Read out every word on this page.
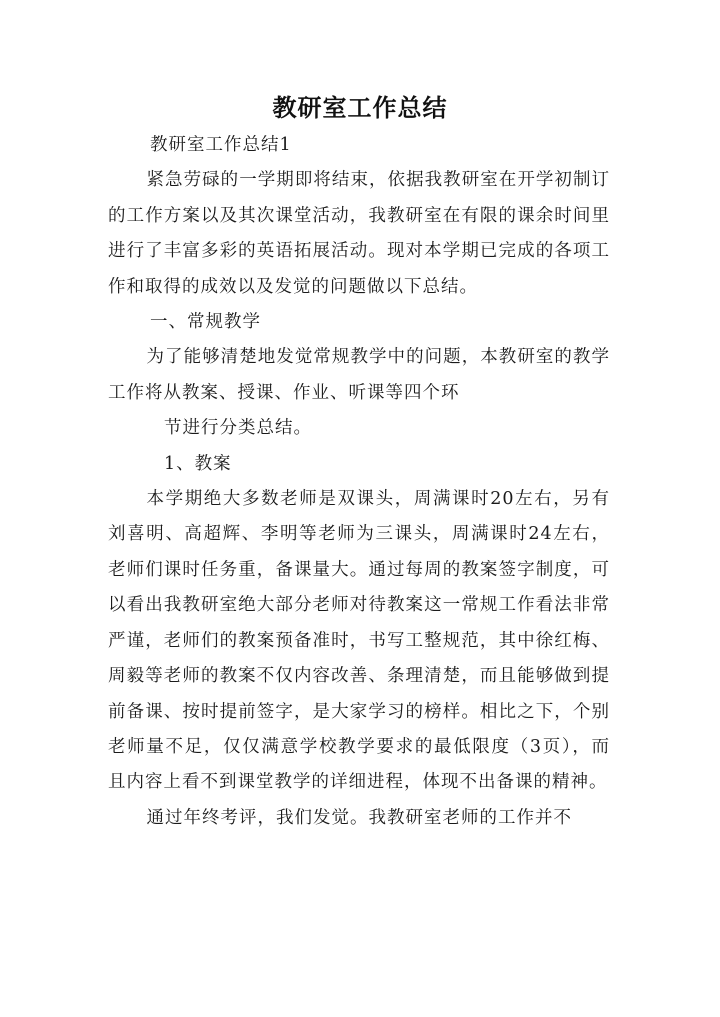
教研室工作总结

教研室工作总结1

紧急劳碌的一学期即将结束，依据我教研室在开学初制订的工作方案以及其次课堂活动，我教研室在有限的课余时间里进行了丰富多彩的英语拓展活动。现对本学期已完成的各项工作和取得的成效以及发觉的问题做以下总结。

一、常规教学

为了能够清楚地发觉常规教学中的问题，本教研室的教学工作将从教案、授课、作业、听课等四个环

节进行分类总结。

1、教案

本学期绝大多数老师是双课头，周满课时20左右，另有刘喜明、高超辉、李明等老师为三课头，周满课时24左右，老师们课时任务重，备课量大。通过每周的教案签字制度，可以看出我教研室绝大部分老师对待教案这一常规工作看法非常严谨，老师们的教案预备准时，书写工整规范，其中徐红梅、周毅等老师的教案不仅内容改善、条理清楚，而且能够做到提前备课、按时提前签字，是大家学习的榜样。相比之下，个别老师量不足，仅仅满意学校教学要求的最低限度（3页），而且内容上看不到课堂教学的详细进程，体现不出备课的精神。

通过年终考评，我们发觉。我教研室老师的工作并不
